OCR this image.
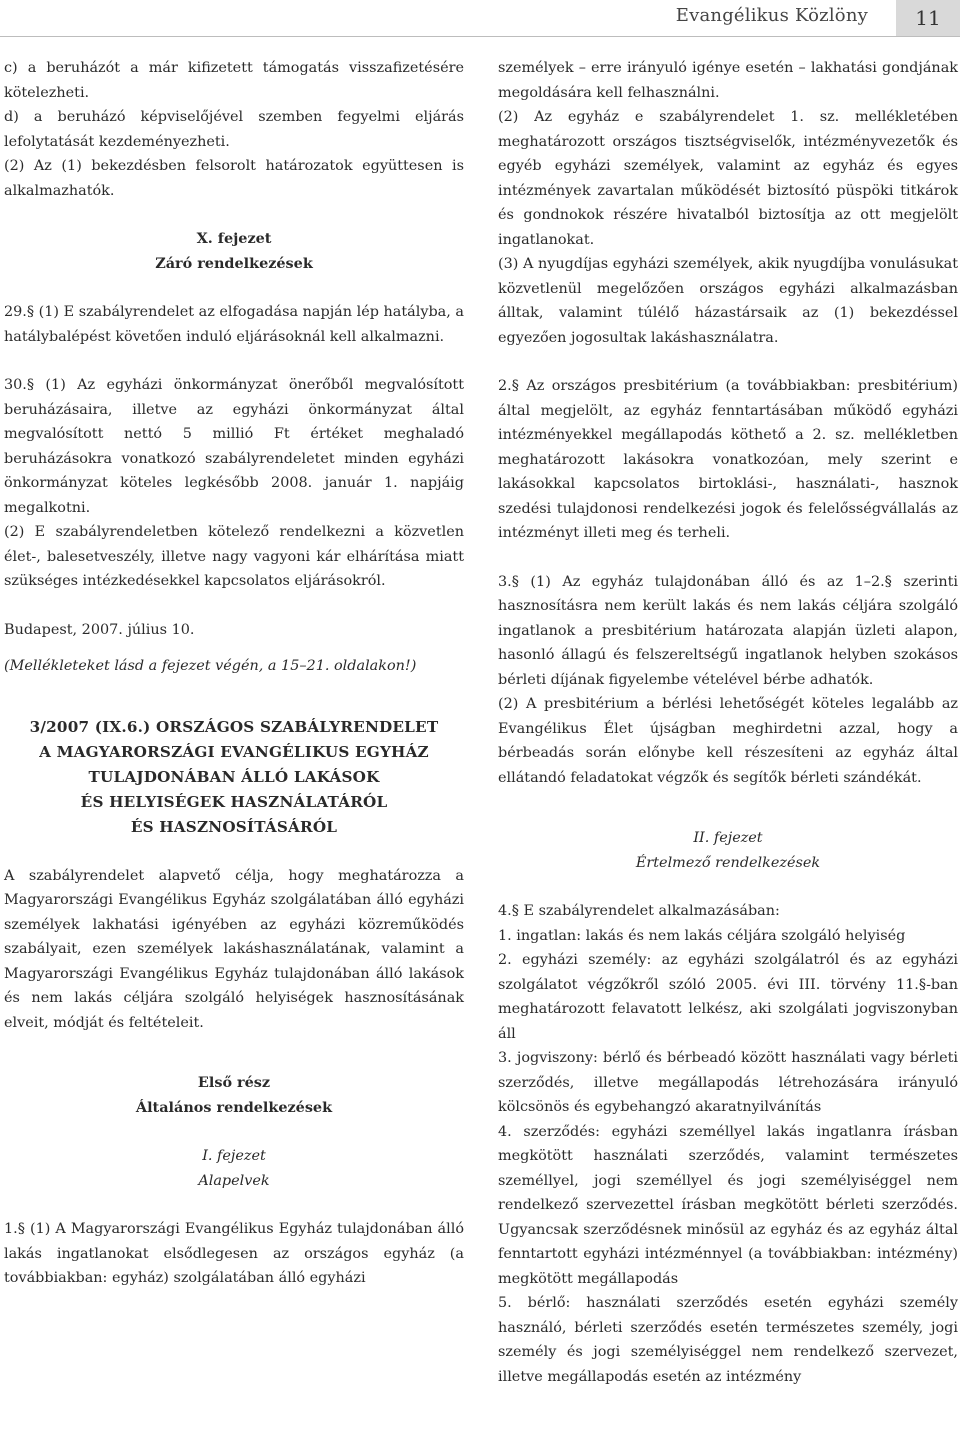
Evangélikus Közlöny	11

c) a beruházót a már kifizetett támogatás visszafizetésére kötelezheti.

d) a beruházó képviselőjével szemben fegyelmi eljárás lefolytatását kezdeményezheti.

(2) Az (1) bekezdésben felsorolt határozatok együttesen is alkalmazhatók.

X. fejezet

Záró rendelkezések

29.§ (1) E szabályrendelet az elfogadása napján lép hatályba, a hatálybalépést követően induló eljárásoknál kell alkalmazni.

30.§ (1) Az egyházi önkormányzat önerőből megvalósított beruházásaira, illetve az egyházi önkormányzat által megvalósított nettó 5 millió Ft értéket meghaladó beruházásokra vonatkozó szabályrendeletet minden egyházi önkormányzat köteles legkésőbb 2008. január 1. napjáig megalkotni.

(2) E szabályrendeletben kötelező rendelkezni a közvetlen élet-, balesetveszély, illetve nagy vagyoni kár elhárítása miatt szükséges intézkedésekkel kapcsolatos eljárásokról.

Budapest, 2007. július 10.

(Mellékleteket lásd a fejezet végén, a 15–21. oldalakon!)

3/2007 (IX.6.) ORSZÁGOS SZABÁLYRENDELET
A MAGYARORSZÁGI EVANGÉLIKUS EGYHÁZ
TULAJDONÁBAN ÁLLÓ LAKÁSOK
ÉS HELYISÉGEK HASZNÁLATÁRÓL
ÉS HASZNOSÍTÁSÁRÓL

A szabályrendelet alapvető célja, hogy meghatározza a Magyarországi Evangélikus Egyház szolgálatában álló egyházi személyek lakhatási igényében az egyházi közreműködés szabályait, ezen személyek lakáshasználatának, valamint a Magyarországi Evangélikus Egyház tulajdonában álló lakások és nem lakás céljára szolgáló helyiségek hasznosításának elveit, módját és feltételeit.

Első rész

Általános rendelkezések

I. fejezet

Alapelvek

1.§ (1) A Magyarországi Evangélikus Egyház tulajdonában álló lakás ingatlanokat elsődlegesen az országos egyház (a továbbiakban: egyház) szolgálatában álló egyházi

személyek – erre irányuló igénye esetén – lakhatási gondjának megoldására kell felhasználni.

(2) Az egyház e szabályrendelet 1. sz. mellékletében meghatározott országos tisztségviselők, intézményvezetők és egyéb egyházi személyek, valamint az egyház és egyes intézmények zavartalan működését biztosító püspöki titkárok és gondnokok részére hivatalból biztosítja az ott megjelölt ingatlanokat.

(3) A nyugdíjas egyházi személyek, akik nyugdíjba vonulásukat közvetlenül megelőzően országos egyházi alkalmazásban álltak, valamint túlélő házastársaik az (1) bekezdéssel egyezően jogosultak lakáshasználatra.

2.§ Az országos presbitérium (a továbbiakban: presbitérium) által megjelölt, az egyház fenntartásában működő egyházi intézményekkel megállapodás köthető a 2. sz. mellékletben meghatározott lakásokra vonatkozóan, mely szerint e lakásokkal kapcsolatos birtoklási-, használati-, hasznok szedési tulajdonosi rendelkezési jogok és felelősségvállalás az intézményt illeti meg és terheli.

3.§ (1) Az egyház tulajdonában álló és az 1–2.§ szerinti hasznosításra nem került lakás és nem lakás céljára szolgáló ingatlanok a presbitérium határozata alapján üzleti alapon, hasonló állagú és felszereltségű ingatlanok helyben szokásos bérleti díjának figyelembe vételével bérbe adhatók.

(2) A presbitérium a bérlési lehetőségét köteles legalább az Evangélikus Élet újságban meghirdetni azzal, hogy a bérbeadás során előnybe kell részesíteni az egyház által ellátandó feladatokat végzők és segítők bérleti szándékát.

II. fejezet

Értelmező rendelkezések

4.§ E szabályrendelet alkalmazásában:

1. ingatlan: lakás és nem lakás céljára szolgáló helyiség

2. egyházi személy: az egyházi szolgálatról és az egyházi szolgálatot végzőkről szóló 2005. évi III. törvény 11.§-ban meghatározott felavatott lelkész, aki szolgálati jogviszonyban áll

3. jogviszony: bérlő és bérbeadó között használati vagy bérleti szerződés, illetve megállapodás létrehozására irányuló kölcsönös és egybehangzó akaratnyilvánítás

4. szerződés: egyházi személlyel lakás ingatlanra írásban megkötött használati szerződés, valamint természetes személlyel, jogi személlyel és jogi személyiséggel nem rendelkező szervezettel írásban megkötött bérleti szerződés. Ugyancsak szerződésnek minősül az egyház és az egyház által fenntartott egyházi intézménnyel (a továbbiakban: intézmény) megkötött megállapodás

5. bérlő: használati szerződés esetén egyházi személy használó, bérleti szerződés esetén természetes személy, jogi személy és jogi személyiséggel nem rendelkező szervezet, illetve megállapodás esetén az intézmény
